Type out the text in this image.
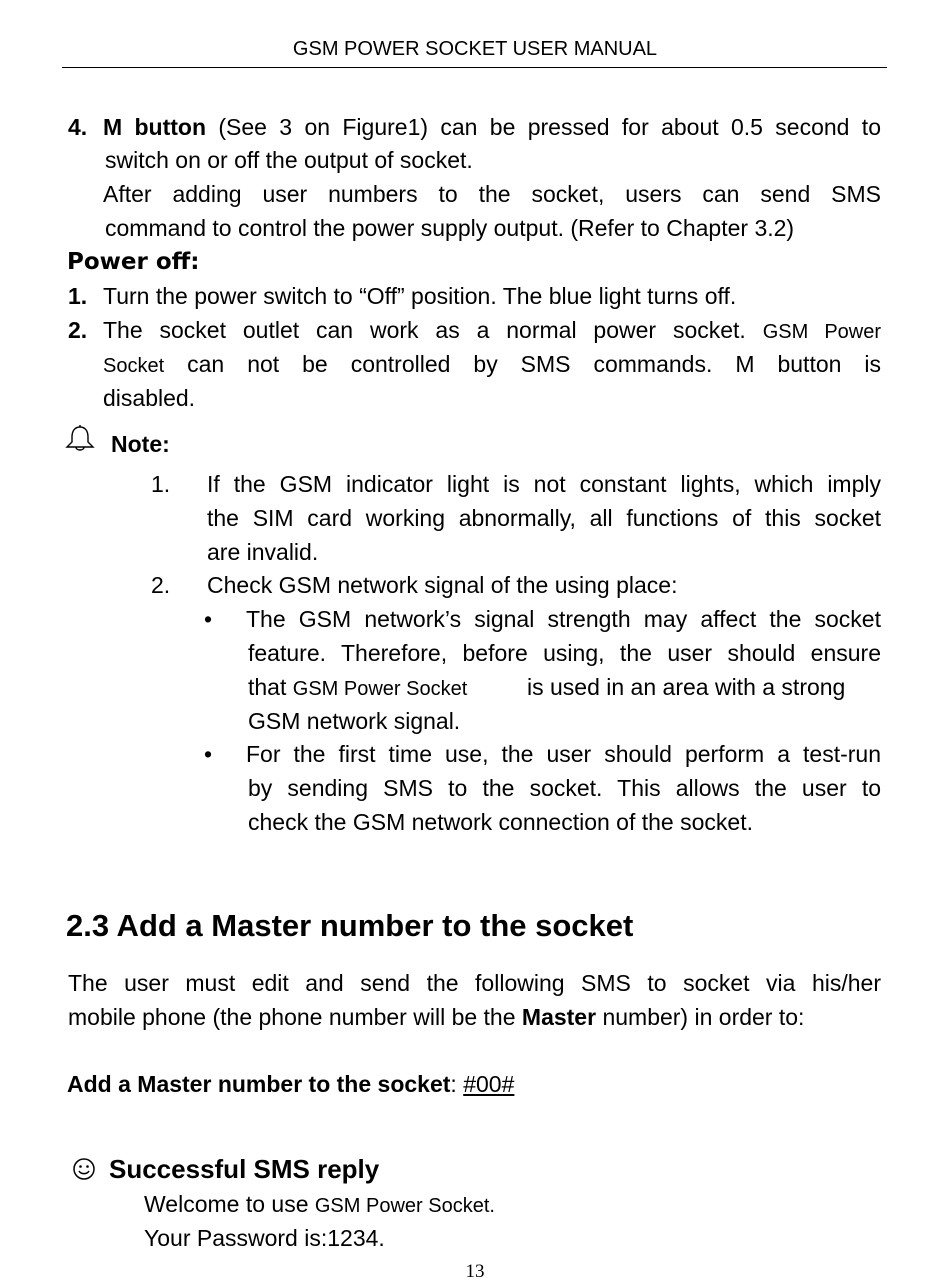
GSM POWER SOCKET USER MANUAL
4. M button (See 3 on Figure1) can be pressed for about 0.5 second to
switch on or off the output of socket.
After adding user numbers to the socket, users can send SMS
command to control the power supply output. (Refer to Chapter 3.2)
Power off:
1. Turn the power switch to “Off” position. The blue light turns off.
2. The socket outlet can work as a normal power socket. GSM Power
Socket can not be controlled by SMS commands. M button is
disabled.
Note:
1. If the GSM indicator light is not constant lights, which imply
the SIM card working abnormally, all functions of this socket
are invalid.
2. Check GSM network signal of the using place:
• The GSM network’s signal strength may affect the socket
feature. Therefore, before using, the user should ensure
that GSM Power Socket	is used in an area with a strong
GSM network signal.
• For the first time use, the user should perform a test-run
by sending SMS to the socket. This allows the user to
check the GSM network connection of the socket.
2.3 Add a Master number to the socket
The user must edit and send the following SMS to socket via his/her
mobile phone (the phone number will be the Master number) in order to:
Add a Master number to the socket: #00#
Successful SMS reply
Welcome to use GSM Power Socket.
Your Password is:1234.
13
